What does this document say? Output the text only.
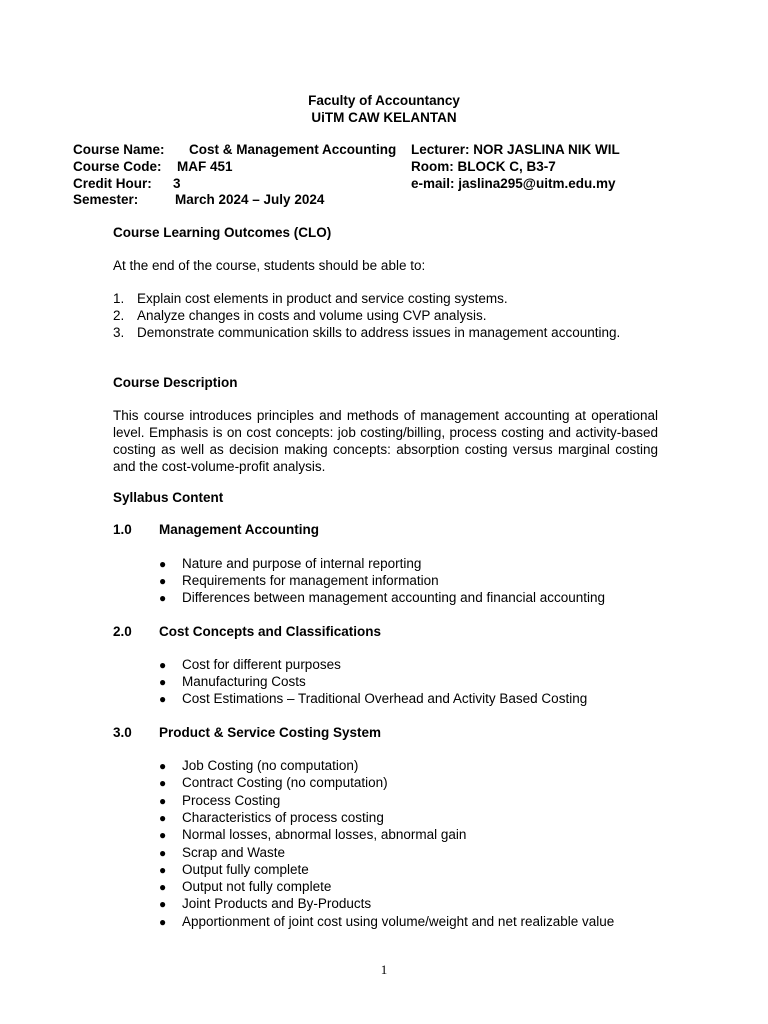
Faculty of Accountancy
UiTM CAW KELANTAN
Course Name: Cost & Management Accounting
Course Code: MAF 451
Credit Hour: 3
Semester:	March 2024 – July 2024
Lecturer: NOR JASLINA NIK WIL
Room: BLOCK C, B3-7
e-mail: jaslina295@uitm.edu.my
Course Learning Outcomes (CLO)
At the end of the course, students should be able to:
1. Explain cost elements in product and service costing systems.
2. Analyze changes in costs and volume using CVP analysis.
3. Demonstrate communication skills to address issues in management accounting.
Course Description
This course introduces principles and methods of management accounting at operational level. Emphasis is on cost concepts: job costing/billing, process costing and activity-based costing as well as decision making concepts: absorption costing versus marginal costing and the cost-volume-profit analysis.
Syllabus Content
1.0 Management Accounting
● Nature and purpose of internal reporting
● Requirements for management information
● Differences between management accounting and financial accounting
2.0 Cost Concepts and Classifications
● Cost for different purposes
● Manufacturing Costs
● Cost Estimations – Traditional Overhead and Activity Based Costing
3.0 Product & Service Costing System
● Job Costing (no computation)
● Contract Costing (no computation)
● Process Costing
● Characteristics of process costing
● Normal losses, abnormal losses, abnormal gain
● Scrap and Waste
● Output fully complete
● Output not fully complete
● Joint Products and By-Products
● Apportionment of joint cost using volume/weight and net realizable value
1
